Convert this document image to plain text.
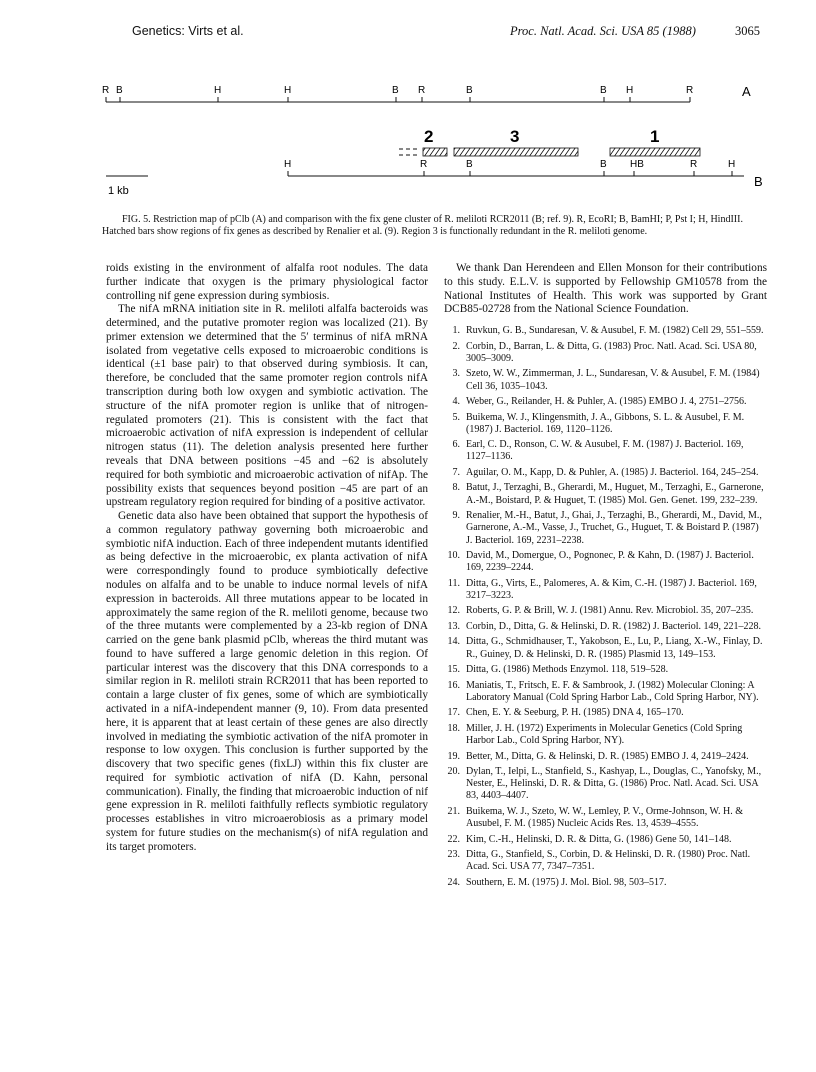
Genetics: Virts et al.	Proc. Natl. Acad. Sci. USA 85 (1988)	3065
R B	H	H	B R	B	B H	R	A
2	3	1
H	R	B	B HB	R	H
B
1 kb
FIG. 5. Restriction map of pClb (A) and comparison with the fix gene cluster of R. meliloti RCR2011 (B; ref. 9). R, EcoRI; B, BamHI; P, Pst I; H, HindIII. Hatched bars show regions of fix genes as described by Renalier et al. (9). Region 3 is functionally redundant in the R. meliloti genome.

roids existing in the environment of alfalfa root nodules. The data further indicate that oxygen is the primary physiological factor controlling nif gene expression during symbiosis.

The nifA mRNA initiation site in R. meliloti alfalfa bacteroids was determined, and the putative promoter region was localized (21). By primer extension we determined that the 5′ terminus of nifA mRNA isolated from vegetative cells exposed to microaerobic conditions is identical (±1 base pair) to that observed during symbiosis. It can, therefore, be concluded that the same promoter region controls nifA transcription during both low oxygen and symbiotic activation. The structure of the nifA promoter region is unlike that of nitrogen-regulated promoters (21). This is consistent with the fact that microaerobic activation of nifA expression is independent of cellular nitrogen status (11). The deletion analysis presented here further reveals that DNA between positions −45 and −62 is absolutely required for both symbiotic and microaerobic activation of nifAp. The possibility exists that sequences beyond position −45 are part of an upstream regulatory region required for binding of a positive activator.

Genetic data also have been obtained that support the hypothesis of a common regulatory pathway governing both microaerobic and symbiotic nifA induction. Each of three independent mutants identified as being defective in the microaerobic, ex planta activation of nifA were correspondingly found to produce symbiotically defective nodules on alfalfa and to be unable to induce normal levels of nifA expression in bacteroids. All three mutations appear to be located in approximately the same region of the R. meliloti genome, because two of the three mutants were complemented by a 23-kb region of DNA carried on the gene bank plasmid pClb, whereas the third mutant was found to have suffered a large genomic deletion in this region. Of particular interest was the discovery that this DNA corresponds to a similar region in R. meliloti strain RCR2011 that has been reported to contain a large cluster of fix genes, some of which are symbiotically activated in a nifA-independent manner (9, 10). From data presented here, it is apparent that at least certain of these genes are also directly involved in mediating the symbiotic activation of the nifA promoter in response to low oxygen. This conclusion is further supported by the discovery that two specific genes (fixLJ) within this fix cluster are required for symbiotic activation of nifA (D. Kahn, personal communication). Finally, the finding that microaerobic induction of nif gene expression in R. meliloti faithfully reflects symbiotic regulatory processes establishes in vitro microaerobiosis as a primary model system for future studies on the mechanism(s) of nifA regulation and its target promoters.

We thank Dan Herendeen and Ellen Monson for their contributions to this study. E.L.V. is supported by Fellowship GM10578 from the National Institutes of Health. This work was supported by Grant DCB85-02728 from the National Science Foundation.

1. Ruvkun, G. B., Sundaresan, V. & Ausubel, F. M. (1982) Cell 29, 551–559.
2. Corbin, D., Barran, L. & Ditta, G. (1983) Proc. Natl. Acad. Sci. USA 80, 3005–3009.
3. Szeto, W. W., Zimmerman, J. L., Sundaresan, V. & Ausubel, F. M. (1984) Cell 36, 1035–1043.
4. Weber, G., Reilander, H. & Puhler, A. (1985) EMBO J. 4, 2751–2756.
5. Buikema, W. J., Klingensmith, J. A., Gibbons, S. L. & Ausubel, F. M. (1987) J. Bacteriol. 169, 1120–1126.
6. Earl, C. D., Ronson, C. W. & Ausubel, F. M. (1987) J. Bacteriol. 169, 1127–1136.
7. Aguilar, O. M., Kapp, D. & Puhler, A. (1985) J. Bacteriol. 164, 245–254.
8. Batut, J., Terzaghi, B., Gherardi, M., Huguet, M., Terzaghi, E., Garnerone, A.-M., Boistard, P. & Huguet, T. (1985) Mol. Gen. Genet. 199, 232–239.
9. Renalier, M.-H., Batut, J., Ghai, J., Terzaghi, B., Gherardi, M., David, M., Garnerone, A.-M., Vasse, J., Truchet, G., Huguet, T. & Boistard P. (1987) J. Bacteriol. 169, 2231–2238.
10. David, M., Domergue, O., Pognonec, P. & Kahn, D. (1987) J. Bacteriol. 169, 2239–2244.
11. Ditta, G., Virts, E., Palomeres, A. & Kim, C.-H. (1987) J. Bacteriol. 169, 3217–3223.
12. Roberts, G. P. & Brill, W. J. (1981) Annu. Rev. Microbiol. 35, 207–235.
13. Corbin, D., Ditta, G. & Helinski, D. R. (1982) J. Bacteriol. 149, 221–228.
14. Ditta, G., Schmidhauser, T., Yakobson, E., Lu, P., Liang, X.-W., Finlay, D. R., Guiney, D. & Helinski, D. R. (1985) Plasmid 13, 149–153.
15. Ditta, G. (1986) Methods Enzymol. 118, 519–528.
16. Maniatis, T., Fritsch, E. F. & Sambrook, J. (1982) Molecular Cloning: A Laboratory Manual (Cold Spring Harbor Lab., Cold Spring Harbor, NY).
17. Chen, E. Y. & Seeburg, P. H. (1985) DNA 4, 165–170.
18. Miller, J. H. (1972) Experiments in Molecular Genetics (Cold Spring Harbor Lab., Cold Spring Harbor, NY).
19. Better, M., Ditta, G. & Helinski, D. R. (1985) EMBO J. 4, 2419–2424.
20. Dylan, T., Ielpi, L., Stanfield, S., Kashyap, L., Douglas, C., Yanofsky, M., Nester, E., Helinski, D. R. & Ditta, G. (1986) Proc. Natl. Acad. Sci. USA 83, 4403–4407.
21. Buikema, W. J., Szeto, W. W., Lemley, P. V., Orme-Johnson, W. H. & Ausubel, F. M. (1985) Nucleic Acids Res. 13, 4539–4555.
22. Kim, C.-H., Helinski, D. R. & Ditta, G. (1986) Gene 50, 141–148.
23. Ditta, G., Stanfield, S., Corbin, D. & Helinski, D. R. (1980) Proc. Natl. Acad. Sci. USA 77, 7347–7351.
24. Southern, E. M. (1975) J. Mol. Biol. 98, 503–517.
